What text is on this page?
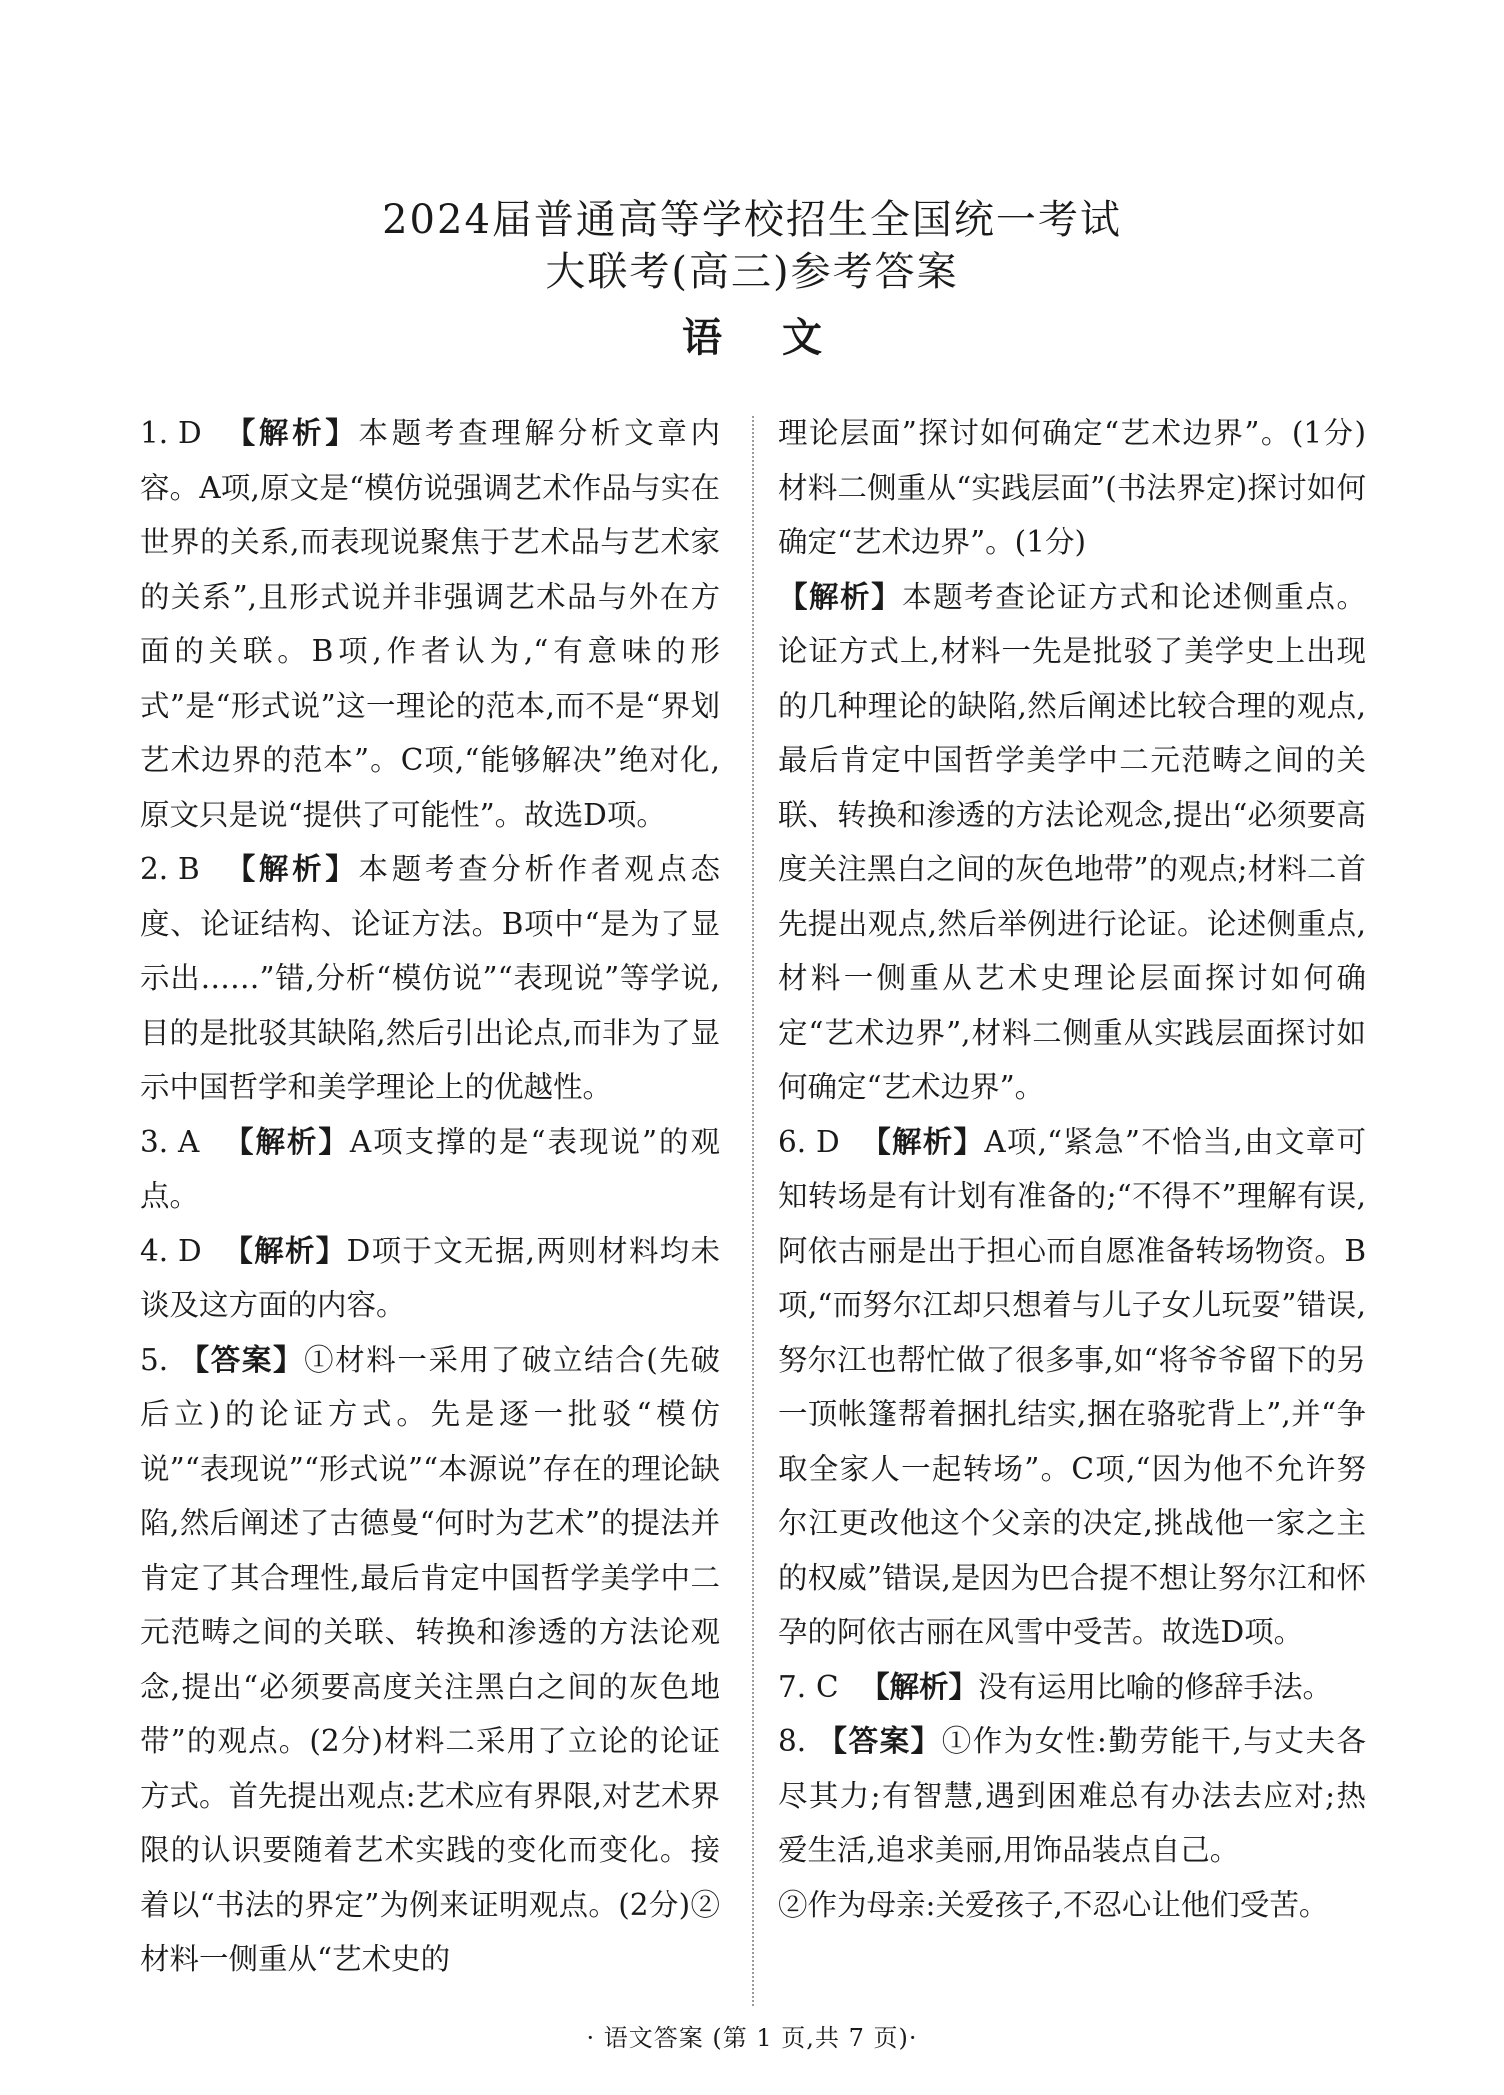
2024届普通高等学校招生全国统一考试
大联考(高三)参考答案
语 文

1. D 【解析】本题考查理解分析文章内容。A项,原文是“模仿说强调艺术作品与实在世界的关系,而表现说聚焦于艺术品与艺术家的关系”,且形式说并非强调艺术品与外在方面的关联。B项,作者认为,“有意味的形式”是“形式说”这一理论的范本,而不是“界划艺术边界的范本”。C项,“能够解决”绝对化,原文只是说“提供了可能性”。故选D项。

2. B 【解析】本题考查分析作者观点态度、论证结构、论证方法。B项中“是为了显示出……”错,分析“模仿说”“表现说”等学说,目的是批驳其缺陷,然后引出论点,而非为了显示中国哲学和美学理论上的优越性。

3. A 【解析】A项支撑的是“表现说”的观点。

4. D 【解析】D项于文无据,两则材料均未谈及这方面的内容。

5. 【答案】①材料一采用了破立结合(先破后立)的论证方式。先是逐一批驳“模仿说”“表现说”“形式说”“本源说”存在的理论缺陷,然后阐述了古德曼“何时为艺术”的提法并肯定了其合理性,最后肯定中国哲学美学中二元范畴之间的关联、转换和渗透的方法论观念,提出“必须要高度关注黑白之间的灰色地带”的观点。(2分)材料二采用了立论的论证方式。首先提出观点:艺术应有界限,对艺术界限的认识要随着艺术实践的变化而变化。接着以“书法的界定”为例来证明观点。(2分)②材料一侧重从“艺术史的

理论层面”探讨如何确定“艺术边界”。(1分)材料二侧重从“实践层面”(书法界定)探讨如何确定“艺术边界”。(1分)

【解析】本题考查论证方式和论述侧重点。论证方式上,材料一先是批驳了美学史上出现的几种理论的缺陷,然后阐述比较合理的观点,最后肯定中国哲学美学中二元范畴之间的关联、转换和渗透的方法论观念,提出“必须要高度关注黑白之间的灰色地带”的观点;材料二首先提出观点,然后举例进行论证。论述侧重点,材料一侧重从艺术史理论层面探讨如何确定“艺术边界”,材料二侧重从实践层面探讨如何确定“艺术边界”。

6. D 【解析】A项,“紧急”不恰当,由文章可知转场是有计划有准备的;“不得不”理解有误,阿依古丽是出于担心而自愿准备转场物资。B项,“而努尔江却只想着与儿子女儿玩耍”错误,努尔江也帮忙做了很多事,如“将爷爷留下的另一顶帐篷帮着捆扎结实,捆在骆驼背上”,并“争取全家人一起转场”。C项,“因为他不允许努尔江更改他这个父亲的决定,挑战他一家之主的权威”错误,是因为巴合提不想让努尔江和怀孕的阿依古丽在风雪中受苦。故选D项。

7. C 【解析】没有运用比喻的修辞手法。

8. 【答案】①作为女性:勤劳能干,与丈夫各尽其力;有智慧,遇到困难总有办法去应对;热爱生活,追求美丽,用饰品装点自己。

②作为母亲:关爱孩子,不忍心让他们受苦。

· 语文答案 (第 1 页,共 7 页)·
